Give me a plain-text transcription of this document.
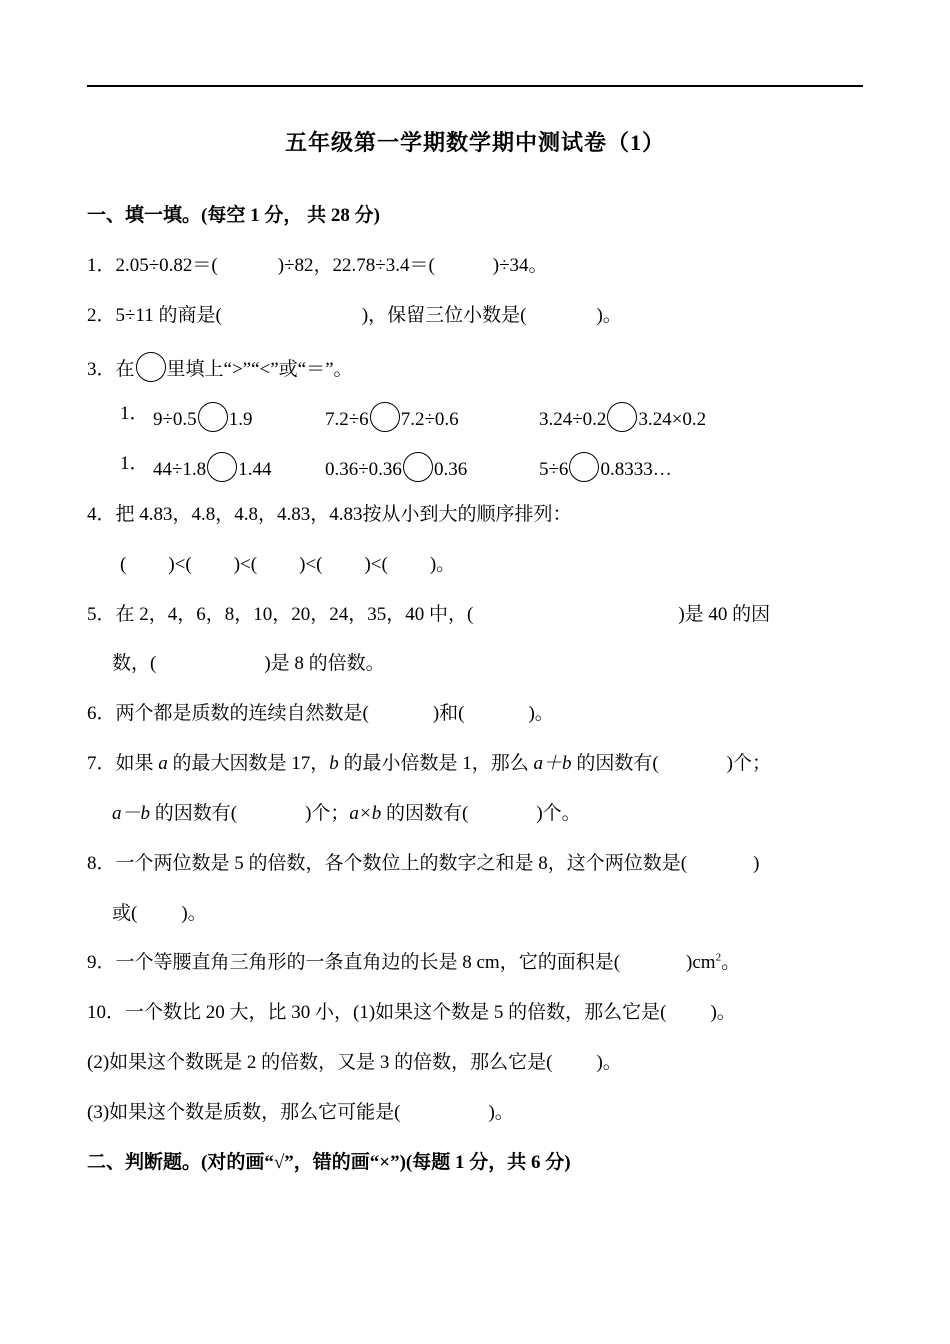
五年级第一学期数学期中测试卷（1）
一、填一填。(每空 1 分， 共 28 分)
1．2.05÷0.82＝(	)÷82，22.78÷3.4＝(	)÷34。
2．5÷11 的商是(	)，保留三位小数是(	)。
3．在 里填上“>”“<”或“＝”。
1． 9÷0.5 1.9	7.2÷6 7.2÷0.6	3.24÷0.2 3.24×0.2
1． 44÷1.8 1.44	0.36÷0.36 0.36	5÷6 0.8333…
4．把 4.83，4.8，4.8，4.83，4.83按从小到大的顺序排列：
( )<( )<( )<( )<( )。
5．在 2，4，6，8，10，20，24，35，40 中，(	)是 40 的因
数，(	)是 8 的倍数。
6．两个都是质数的连续自然数是(	)和(	)。
7．如果 a 的最大因数是 17，b 的最小倍数是 1，那么 a＋b 的因数有(	)个；
a－b 的因数有(	)个；a×b 的因数有(	)个。
8．一个两位数是 5 的倍数，各个数位上的数字之和是 8，这个两位数是(	)
或( )。
9．一个等腰直角三角形的一条直角边的长是 8 cm，它的面积是(	)$cm^2$。
10．一个数比 20 大，比 30 小，(1)如果这个数是 5 的倍数，那么它是( )。
(2)如果这个数既是 2 的倍数，又是 3 的倍数，那么它是( )。
(3)如果这个数是质数，那么它可能是(	)。
二、判断题。(对的画“√”，错的画“×”)(每题 1 分，共 6 分)
